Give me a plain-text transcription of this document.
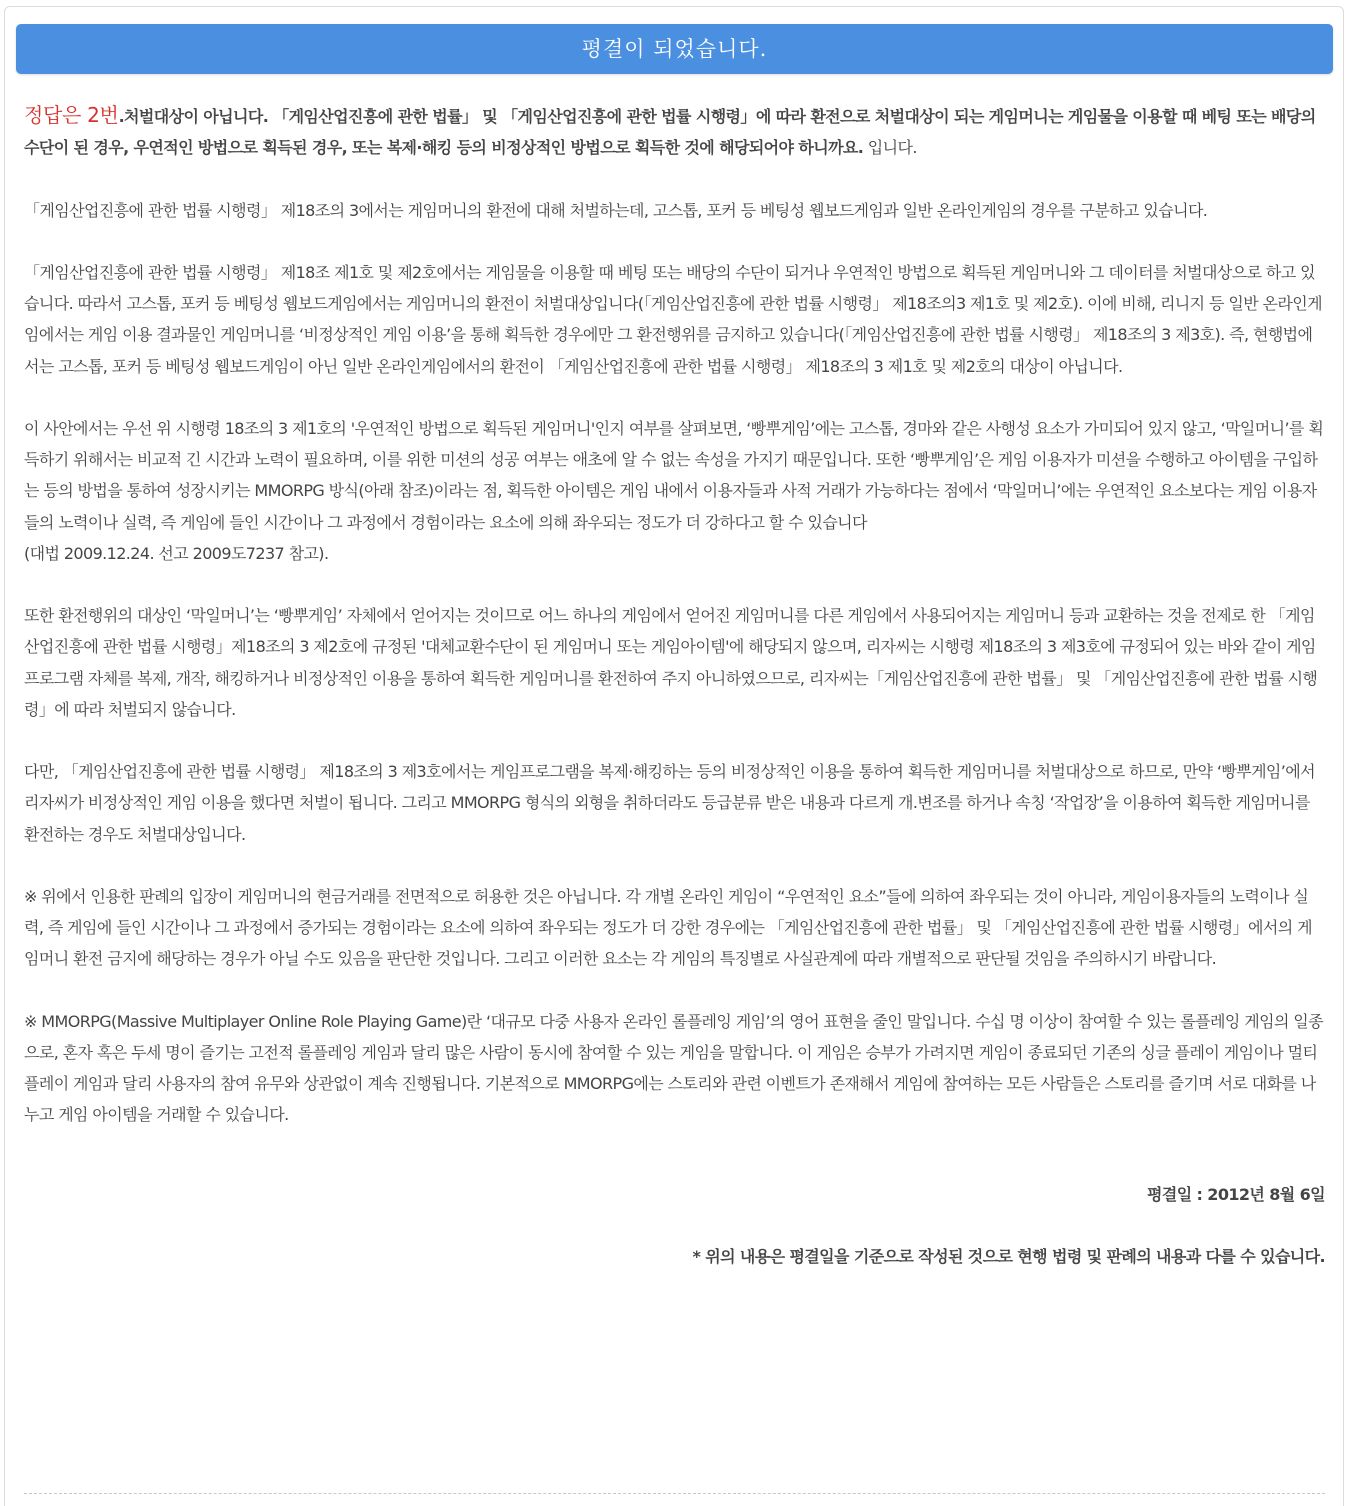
평결이 되었습니다.

정답은 2번.처벌대상이 아닙니다. 「게임산업진흥에 관한 법률」 및 「게임산업진흥에 관한 법률 시행령」에 따라 환전으로 처벌대상이 되는 게임머니는 게임물을 이용할 때 베팅 또는 배당의 수단이 된 경우, 우연적인 방법으로 획득된 경우, 또는 복제·해킹 등의 비정상적인 방법으로 획득한 것에 해당되어야 하니까요. 입니다.

「게임산업진흥에 관한 법률 시행령」 제18조의 3에서는 게임머니의 환전에 대해 처벌하는데, 고스톱, 포커 등 베팅성 웹보드게임과 일반 온라인게임의 경우를 구분하고 있습니다.

「게임산업진흥에 관한 법률 시행령」 제18조 제1호 및 제2호에서는 게임물을 이용할 때 베팅 또는 배당의 수단이 되거나 우연적인 방법으로 획득된 게임머니와 그 데이터를 처벌대상으로 하고 있습니다. 따라서 고스톱, 포커 등 베팅성 웹보드게임에서는 게임머니의 환전이 처벌대상입니다(「게임산업진흥에 관한 법률 시행령」 제18조의3 제1호 및 제2호). 이에 비해, 리니지 등 일반 온라인게임에서는 게임 이용 결과물인 게임머니를 ‘비정상적인 게임 이용’을 통해 획득한 경우에만 그 환전행위를 금지하고 있습니다(「게임산업진흥에 관한 법률 시행령」 제18조의 3 제3호). 즉, 현행법에서는 고스톱, 포커 등 베팅성 웹보드게임이 아닌 일반 온라인게임에서의 환전이 「게임산업진흥에 관한 법률 시행령」 제18조의 3 제1호 및 제2호의 대상이 아닙니다.

이 사안에서는 우선 위 시행령 18조의 3 제1호의 '우연적인 방법으로 획득된 게임머니'인지 여부를 살펴보면, ‘빵뿌게임’에는 고스톱, 경마와 같은 사행성 요소가 가미되어 있지 않고, ‘막일머니’를 획득하기 위해서는 비교적 긴 시간과 노력이 필요하며, 이를 위한 미션의 성공 여부는 애초에 알 수 없는 속성을 가지기 때문입니다. 또한 ‘빵뿌게임’은 게임 이용자가 미션을 수행하고 아이템을 구입하는 등의 방법을 통하여 성장시키는 MMORPG 방식(아래 참조)이라는 점, 획득한 아이템은 게임 내에서 이용자들과 사적 거래가 가능하다는 점에서 ‘막일머니’에는 우연적인 요소보다는 게임 이용자들의 노력이나 실력, 즉 게임에 들인 시간이나 그 과정에서 경험이라는 요소에 의해 좌우되는 정도가 더 강하다고 할 수 있습니다
(대법 2009.12.24. 선고 2009도7237 참고).

또한 환전행위의 대상인 ‘막일머니’는 ‘빵뿌게임’ 자체에서 얻어지는 것이므로 어느 하나의 게임에서 얻어진 게임머니를 다른 게임에서 사용되어지는 게임머니 등과 교환하는 것을 전제로 한 「게임산업진흥에 관한 법률 시행령」제18조의 3 제2호에 규정된 '대체교환수단이 된 게임머니 또는 게임아이템'에 해당되지 않으며, 리자씨는 시행령 제18조의 3 제3호에 규정되어 있는 바와 같이 게임프로그램 자체를 복제, 개작, 해킹하거나 비정상적인 이용을 통하여 획득한 게임머니를 환전하여 주지 아니하였으므로, 리자씨는「게임산업진흥에 관한 법률」 및 「게임산업진흥에 관한 법률 시행령」에 따라 처벌되지 않습니다.

다만, 「게임산업진흥에 관한 법률 시행령」 제18조의 3 제3호에서는 게임프로그램을 복제·해킹하는 등의 비정상적인 이용을 통하여 획득한 게임머니를 처벌대상으로 하므로, 만약 ‘빵뿌게임’에서 리자씨가 비정상적인 게임 이용을 했다면 처벌이 됩니다. 그리고 MMORPG 형식의 외형을 취하더라도 등급분류 받은 내용과 다르게 개.변조를 하거나 속칭 ‘작업장’을 이용하여 획득한 게임머니를 환전하는 경우도 처벌대상입니다.

※ 위에서 인용한 판례의 입장이 게임머니의 현금거래를 전면적으로 허용한 것은 아닙니다. 각 개별 온라인 게임이 “우연적인 요소”들에 의하여 좌우되는 것이 아니라, 게임이용자들의 노력이나 실력, 즉 게임에 들인 시간이나 그 과정에서 증가되는 경험이라는 요소에 의하여 좌우되는 정도가 더 강한 경우에는 「게임산업진흥에 관한 법률」 및 「게임산업진흥에 관한 법률 시행령」에서의 게임머니 환전 금지에 해당하는 경우가 아닐 수도 있음을 판단한 것입니다. 그리고 이러한 요소는 각 게임의 특징별로 사실관계에 따라 개별적으로 판단될 것임을 주의하시기 바랍니다.

※ MMORPG(Massive Multiplayer Online Role Playing Game)란 ‘대규모 다중 사용자 온라인 롤플레잉 게임’의 영어 표현을 줄인 말입니다. 수십 명 이상이 참여할 수 있는 롤플레잉 게임의 일종으로, 혼자 혹은 두세 명이 즐기는 고전적 롤플레잉 게임과 달리 많은 사람이 동시에 참여할 수 있는 게임을 말합니다. 이 게임은 승부가 가려지면 게임이 종료되던 기존의 싱글 플레이 게임이나 멀티 플레이 게임과 달리 사용자의 참여 유무와 상관없이 계속 진행됩니다. 기본적으로 MMORPG에는 스토리와 관련 이벤트가 존재해서 게임에 참여하는 모든 사람들은 스토리를 즐기며 서로 대화를 나누고 게임 아이템을 거래할 수 있습니다.

평결일 : 2012년 8월 6일

* 위의 내용은 평결일을 기준으로 작성된 것으로 현행 법령 및 판례의 내용과 다를 수 있습니다.
